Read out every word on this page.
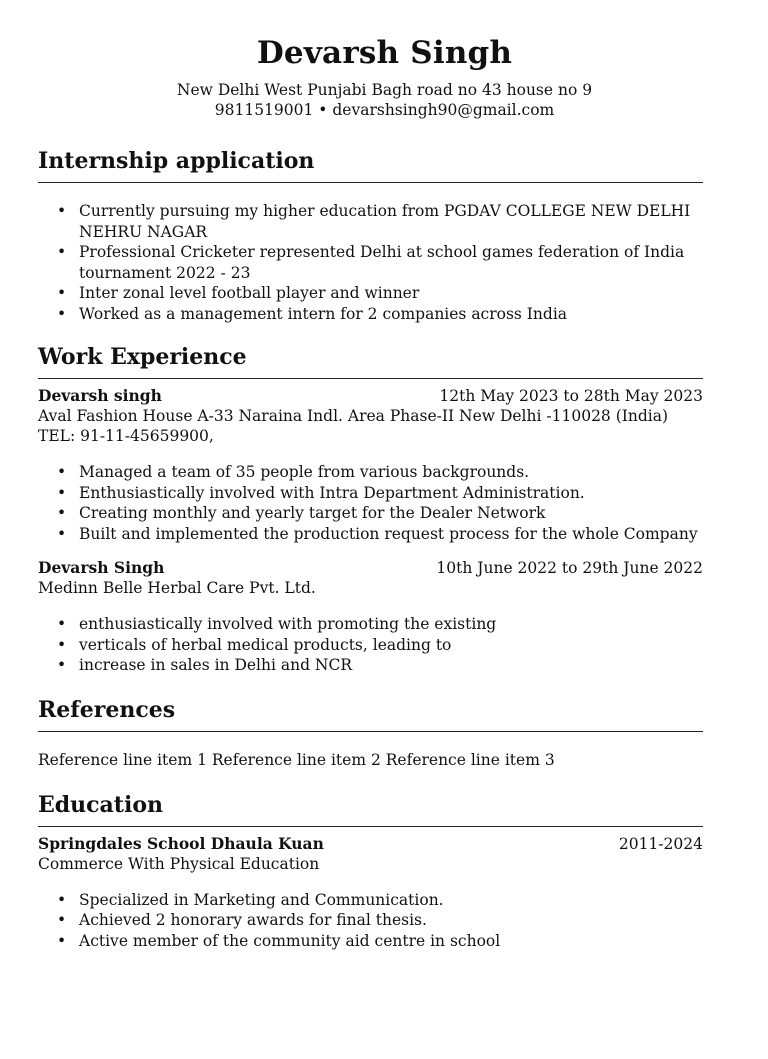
Devarsh Singh
New Delhi West Punjabi Bagh road no 43 house no 9
9811519001 • devarshsingh90@gmail.com
Internship application
• Currently pursuing my higher education from PGDAV COLLEGE NEW DELHI NEHRU NAGAR
• Professional Cricketer represented Delhi at school games federation of India tournament 2022 - 23
• Inter zonal level football player and winner
• Worked as a management intern for 2 companies across India
Work Experience
Devarsh singh	12th May 2023 to 28th May 2023
Aval Fashion House A-33 Naraina Indl. Area Phase-II New Delhi -110028 (India)
TEL: 91-11-45659900,
• Managed a team of 35 people from various backgrounds.
• Enthusiastically involved with Intra Department Administration.
• Creating monthly and yearly target for the Dealer Network
• Built and implemented the production request process for the whole Company
Devarsh Singh	10th June 2022 to 29th June 2022
Medinn Belle Herbal Care Pvt. Ltd.
• enthusiastically involved with promoting the existing
• verticals of herbal medical products, leading to
• increase in sales in Delhi and NCR
References
Reference line item 1 Reference line item 2 Reference line item 3
Education
Springdales School Dhaula Kuan	2011-2024
Commerce With Physical Education
• Specialized in Marketing and Communication.
• Achieved 2 honorary awards for final thesis.
• Active member of the community aid centre in school
